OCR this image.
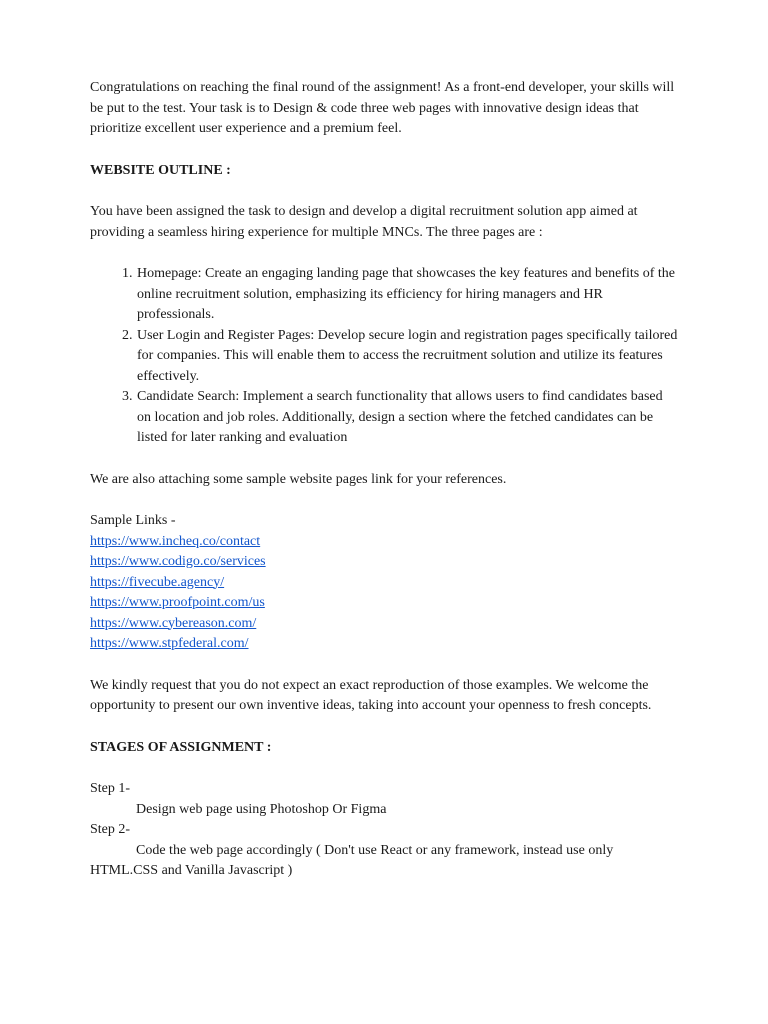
Congratulations on reaching the final round of the assignment! As a front-end developer, your skills will be put to the test. Your task is to Design & code three web pages with innovative design ideas that prioritize excellent user experience and a premium feel.

WEBSITE OUTLINE :

You have been assigned the task to design and develop a digital recruitment solution app aimed at providing a seamless hiring experience for multiple MNCs. The three pages are :

1. Homepage: Create an engaging landing page that showcases the key features and benefits of the online recruitment solution, emphasizing its efficiency for hiring managers and HR professionals.
2. User Login and Register Pages: Develop secure login and registration pages specifically tailored for companies. This will enable them to access the recruitment solution and utilize its features effectively.
3. Candidate Search: Implement a search functionality that allows users to find candidates based on location and job roles. Additionally, design a section where the fetched candidates can be listed for later ranking and evaluation

We are also attaching some sample website pages link for your references.

Sample Links -

https://www.incheq.co/contact
https://www.codigo.co/services
https://fivecube.agency/
https://www.proofpoint.com/us
https://www.cybereason.com/
https://www.stpfederal.com/

We kindly request that you do not expect an exact reproduction of those examples. We welcome the opportunity to present our own inventive ideas, taking into account your openness to fresh concepts.

STAGES OF ASSIGNMENT :

Step 1-

Design web page using Photoshop Or Figma

Step 2-

Code the web page accordingly ( Don't use React or any framework, instead use only HTML.CSS and Vanilla Javascript )
